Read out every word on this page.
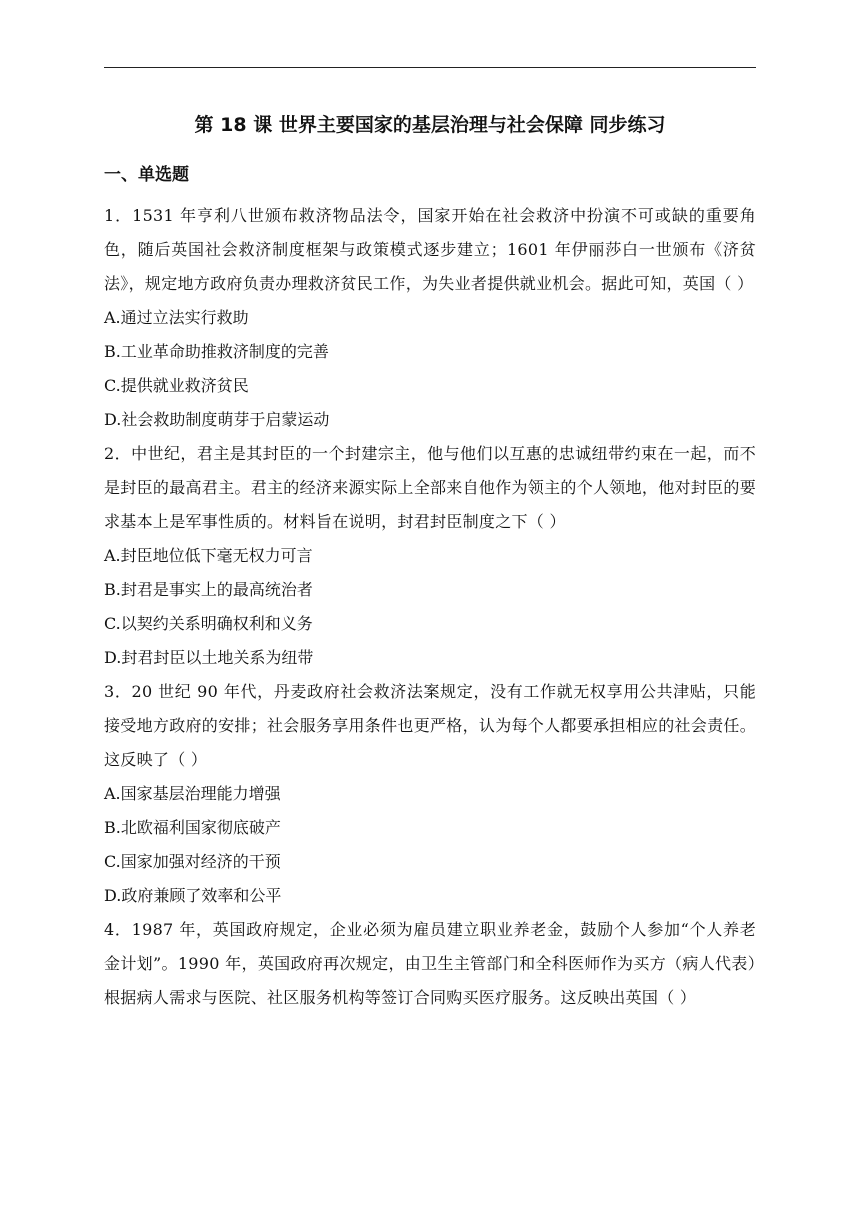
第 18 课 世界主要国家的基层治理与社会保障 同步练习
一、单选题

1．1531 年亨利八世颁布救济物品法令，国家开始在社会救济中扮演不可或缺的重要角色，随后英国社会救济制度框架与政策模式逐步建立；1601 年伊丽莎白一世颁布《济贫法》，规定地方政府负责办理救济贫民工作，为失业者提供就业机会。据此可知，英国（ ）

A.通过立法实行救助

B.工业革命助推救济制度的完善

C.提供就业救济贫民

D.社会救助制度萌芽于启蒙运动

2．中世纪，君主是其封臣的一个封建宗主，他与他们以互惠的忠诚纽带约束在一起，而不是封臣的最高君主。君主的经济来源实际上全部来自他作为领主的个人领地，他对封臣的要求基本上是军事性质的。材料旨在说明，封君封臣制度之下（ ）

A.封臣地位低下毫无权力可言

B.封君是事实上的最高统治者

C.以契约关系明确权利和义务

D.封君封臣以土地关系为纽带

3．20 世纪 90 年代，丹麦政府社会救济法案规定，没有工作就无权享用公共津贴，只能接受地方政府的安排；社会服务享用条件也更严格，认为每个人都要承担相应的社会责任。这反映了（ ）

A.国家基层治理能力增强

B.北欧福利国家彻底破产

C.国家加强对经济的干预

D.政府兼顾了效率和公平

4．1987 年，英国政府规定，企业必须为雇员建立职业养老金，鼓励个人参加“个人养老金计划”。1990 年，英国政府再次规定，由卫生主管部门和全科医师作为买方（病人代表）根据病人需求与医院、社区服务机构等签订合同购买医疗服务。这反映出英国（ ）
